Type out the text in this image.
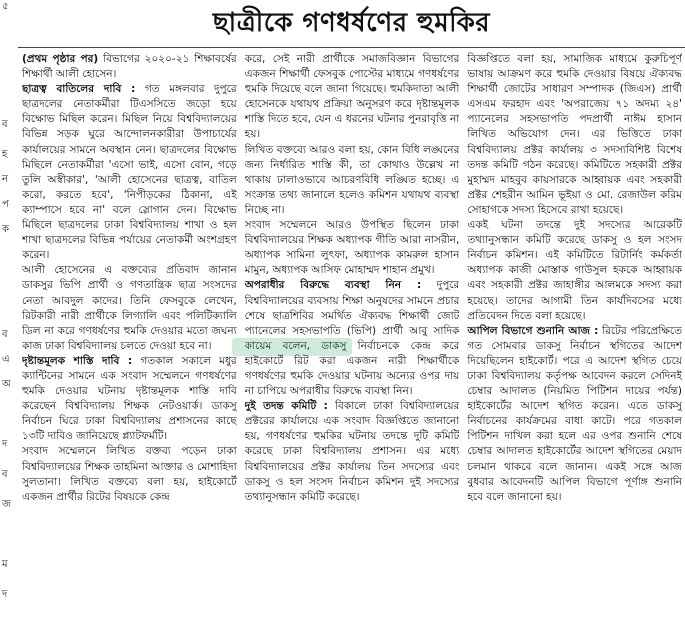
৫
ব
হ
ন
প
ক
ব
এ
অ
দ
ব
জ
ম
দ
ছাত্রীকে গণধর্ষণের হুমকির

(প্রথম পৃষ্ঠার পর) বিভাগের ২০২০-২১ শিক্ষাবর্ষের শিক্ষার্থী আলী হোসেন।

ছাত্রত্ব বাতিলের দাবি : গত মঙ্গলবার দুপুরে ছাত্রদলের নেতাকর্মীরা টিএসসিতে জড়ো হয়ে বিক্ষোভ মিছিল করেন। মিছিল নিয়ে বিশ্ববিদ্যালয়ের বিভিন্ন সড়ক ঘুরে আন্দোলনকারীরা উপাচার্যের কার্যালয়ের সামনে অবস্থান নেন। ছাত্রদলের বিক্ষোভ মিছিলে নেতাকর্মীরা 'এসো ভাই, এসো বোন, গড়ে তুলি অস্বীকার', 'আলী হোসেনের ছাত্রত্ব, বাতিল করো, করতে হবে', 'নিপীড়কের ঠিকানা, এই ক্যাম্পাসে হবে না' বলে স্লোগান দেন। বিক্ষোভ মিছিলে ছাত্রদলের ঢাকা বিশ্ববিদ্যালয় শাখা ও হল শাখা ছাত্রদলের বিভিন্ন পর্যায়ের নেতাকর্মী অংশগ্রহণ করেন।

আলী হোসেনের এ বক্তব্যের প্রতিবাদ জানান ডাকসুর ভিপি প্রার্থী ও গণতান্ত্রিক ছাত্র সংসদের নেতা আবদুল কাদের। তিনি ফেসবুকে লেখেন, রিটকারী নারী প্রার্থীকে লিগ্যালি এবং পলিটিক্যালি ডিল না করে গণধর্ষণের হুমকি দেওয়ার মতো জঘন্য কাজ ঢাকা বিশ্ববিদ্যালয় চলতে দেওয়া হবে না।

দৃষ্টান্তমূলক শাস্তি দাবি : গতকাল সকালে মধুর ক্যান্টিনের সামনে এক সংবাদ সম্মেলনে গণধর্ষণের হুমকি দেওয়ার ঘটনায় দৃষ্টান্তমূলক শাস্তি দাবি করেছেন বিশ্ববিদ্যালয় শিক্ষক নেটওয়ার্ক। ডাকসু নির্বাচন ঘিরে ঢাকা বিশ্ববিদ্যালয় প্রশাসনের কাছে ১৩টি দাবিও জানিয়েছে প্ল্যাটফর্মটি।

সংবাদ সম্মেলনে লিখিত বক্তব্য পড়েন ঢাকা বিশ্ববিদ্যালয়ের শিক্ষক তাহমিনা আক্তার ও মোশাহিদা সুলতানা। লিখিত বক্তব্যে বলা হয়, হাইকোর্টে একজন প্রার্থীর রিটের বিষয়কে কেন্দ্র

করে, সেই নারী প্রার্থীকে সমাজবিজ্ঞান বিভাগের একজন শিক্ষার্থী ফেসবুক পোস্টের মাধ্যমে গণধর্ষণের হুমকি দিয়েছে বলে জানা গিয়েছে। হুমকিদাতা আলী হোসেনকে যথাযথ প্রক্রিয়া অনুসরণ করে দৃষ্টান্তমূলক শাস্তি দিতে হবে, যেন এ ধরনের ঘটনার পুনরাবৃত্তি না হয়।

লিখিত বক্তব্যে আরও বলা হয়, কোন বিধি লঙ্ঘনের জন্য নির্ধারিত শাস্তি কী, তা কোথাও উল্লেখ না থাকায় ঢালাওভাবে আচরণবিধি লঙ্ঘিত হচ্ছে। এ সংক্রান্ত তথ্য জানালে হলেও কমিশন যথাযথ ব্যবস্থা নিচ্ছে না।

সংবাদ সম্মেলনে আরও উপস্থিত ছিলেন ঢাকা বিশ্ববিদ্যালয়ের শিক্ষক অধ্যাপক গীতি আরা নাসরীন, অধ্যাপক সামিনা লুৎফা, অধ্যাপক কামরুল হাসান মামুন, অধ্যাপক আসিফ মোহাম্মদ শাহান প্রমুখ।

অপরাধীর বিরুদ্ধে ব্যবস্থা নিন : দুপুরে বিশ্ববিদ্যালয়ের ব্যবসায় শিক্ষা অনুষদের সামনে প্রচার শেষে ছাত্রশিবির সমর্থিত ঐক্যবদ্ধ শিক্ষার্থী জোট প্যানেলের সহসভাপতি (ভিপি) প্রার্থী আবু সাদিক কায়েম বলেন, ডাকসু নির্বাচনকে কেন্দ্র করে হাইকোর্টে রিট করা একজন নারী শিক্ষার্থীকে গণধর্ষণের হুমকি দেওয়ার ঘটনায় অন্যের ওপর দায় না চাপিয়ে অপরাধীর বিরুদ্ধে ব্যবস্থা নিন।

দুই তদন্ত কমিটি : বিকালে ঢাকা বিশ্ববিদ্যালয়ের প্রক্টরের কার্যালয়ে এক সংবাদ বিজ্ঞপ্তিতে জানানো হয়, গণধর্ষণের হুমকির ঘটনায় তদন্তে দুটি কমিটি করেছে ঢাকা বিশ্ববিদ্যালয় প্রশাসন। এর মধ্যে বিশ্ববিদ্যালয়ের প্রক্টর কার্যালয় তিন সদস্যের এবং ডাকসু ও হল সংসদ নির্বাচন কমিশন দুই সদস্যের তথ্যানুসন্ধান কমিটি করেছে।

বিজ্ঞপ্তিতে বলা হয়, সামাজিক মাধ্যমে কুরুচিপূর্ণ ভাষায় আক্রমণ করে হুমকি দেওয়ার বিষয়ে ঐক্যবদ্ধ শিক্ষার্থী জোটের সাধারণ সম্পাদক (জিএস) প্রার্থী এসএম ফরহাদ এবং 'অপরাজেয় ৭১ অদম্য ২৪' প্যানেলের সহসভাপতি পদপ্রার্থী নাঈম হাসান লিখিত অভিযোগ দেন। এর ভিত্তিতে ঢাকা বিশ্ববিদ্যালয় প্রক্টর কার্যালয় ৩ সদস্যবিশিষ্ট বিশেষ তদন্ত কমিটি গঠন করেছে। কমিটিতে সহকারী প্রক্টর মুহাম্মদ মাহবুব কায়সারকে আহ্বায়ক এবং সহকারী প্রক্টর শেহরীন আমিন ভূইয়া ও মো. রেজাউল করিম সোহাগকে সদস্য হিসেবে রাখা হয়েছে।

একই ঘটনা তদন্তে দুই সদস্যের আরেকটি তথ্যানুসন্ধান কমিটি করেছে ডাকসু ও হল সংসদ নির্বাচন কমিশন। এই কমিটিতে রিটার্নিং কর্মকর্তা অধ্যাপক কাজী মোস্তাক গাউসুল হককে আহ্বায়ক এবং সহকারী প্রক্টর জাহাঙ্গীর আলমকে সদস্য করা হয়েছে। তাদের আগামী তিন কার্যদিবসের মধ্যে প্রতিবেদন দিতে বলা হয়েছে।

আপিল বিভাগে শুনানি আজ : রিটের পরিপ্রেক্ষিতে গত সোমবার ডাকসু নির্বাচন স্থগিতের আদেশ দিয়েছিলেন হাইকোর্ট। পরে এ আদেশ স্থগিত চেয়ে ঢাকা বিশ্ববিদ্যালয় কর্তৃপক্ষ আবেদন করলে সেদিনই চেম্বার আদালত (নিয়মিত পিটিশন দায়ের পর্যন্ত) হাইকোর্টের আদেশ স্থগিত করেন। এতে ডাকসু নির্বাচনের কার্যক্রমের বাধা কাটে। পরে গতকাল পিটিশন দাখিল করা হলে এর ওপর শুনানি শেষে চেম্বার আদালত হাইকোর্টের আদেশ স্থগিতের মেয়াদ চলমান থাকবে বলে জানান। একই সঙ্গে আজ বুধবার আবেদনটি আপিল বিভাগে পূর্ণাঙ্গ শুনানি হবে বলে জানানো হয়।
